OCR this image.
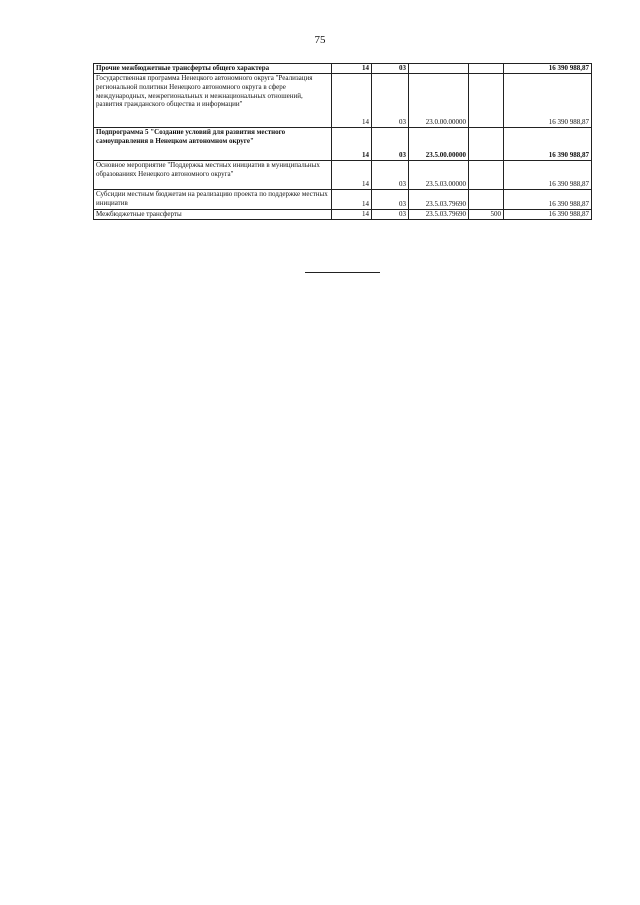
75
Прочие межбюджетные трансферты общего характера	14	03			16 390 988,87
Государственная программа Ненецкого автономного округа "Реализация региональной политики Ненецкого автономного округа в сфере международных, межрегиональных и межнациональных отношений, развития гражданского общества и информации"	14	03	23.0.00.00000		16 390 988,87
Подпрограмма 5 "Создание условий для развития местного самоуправления в Ненецком автономном округе"	14	03	23.5.00.00000		16 390 988,87
Основное мероприятие "Поддержка местных инициатив в муниципальных образованиях Ненецкого автономного округа"	14	03	23.5.03.00000		16 390 988,87
Субсидии местным бюджетам на реализацию проекта по поддержке местных инициатив	14	03	23.5.03.79690		16 390 988,87
Межбюджетные трансферты	14	03	23.5.03.79690	500	16 390 988,87
